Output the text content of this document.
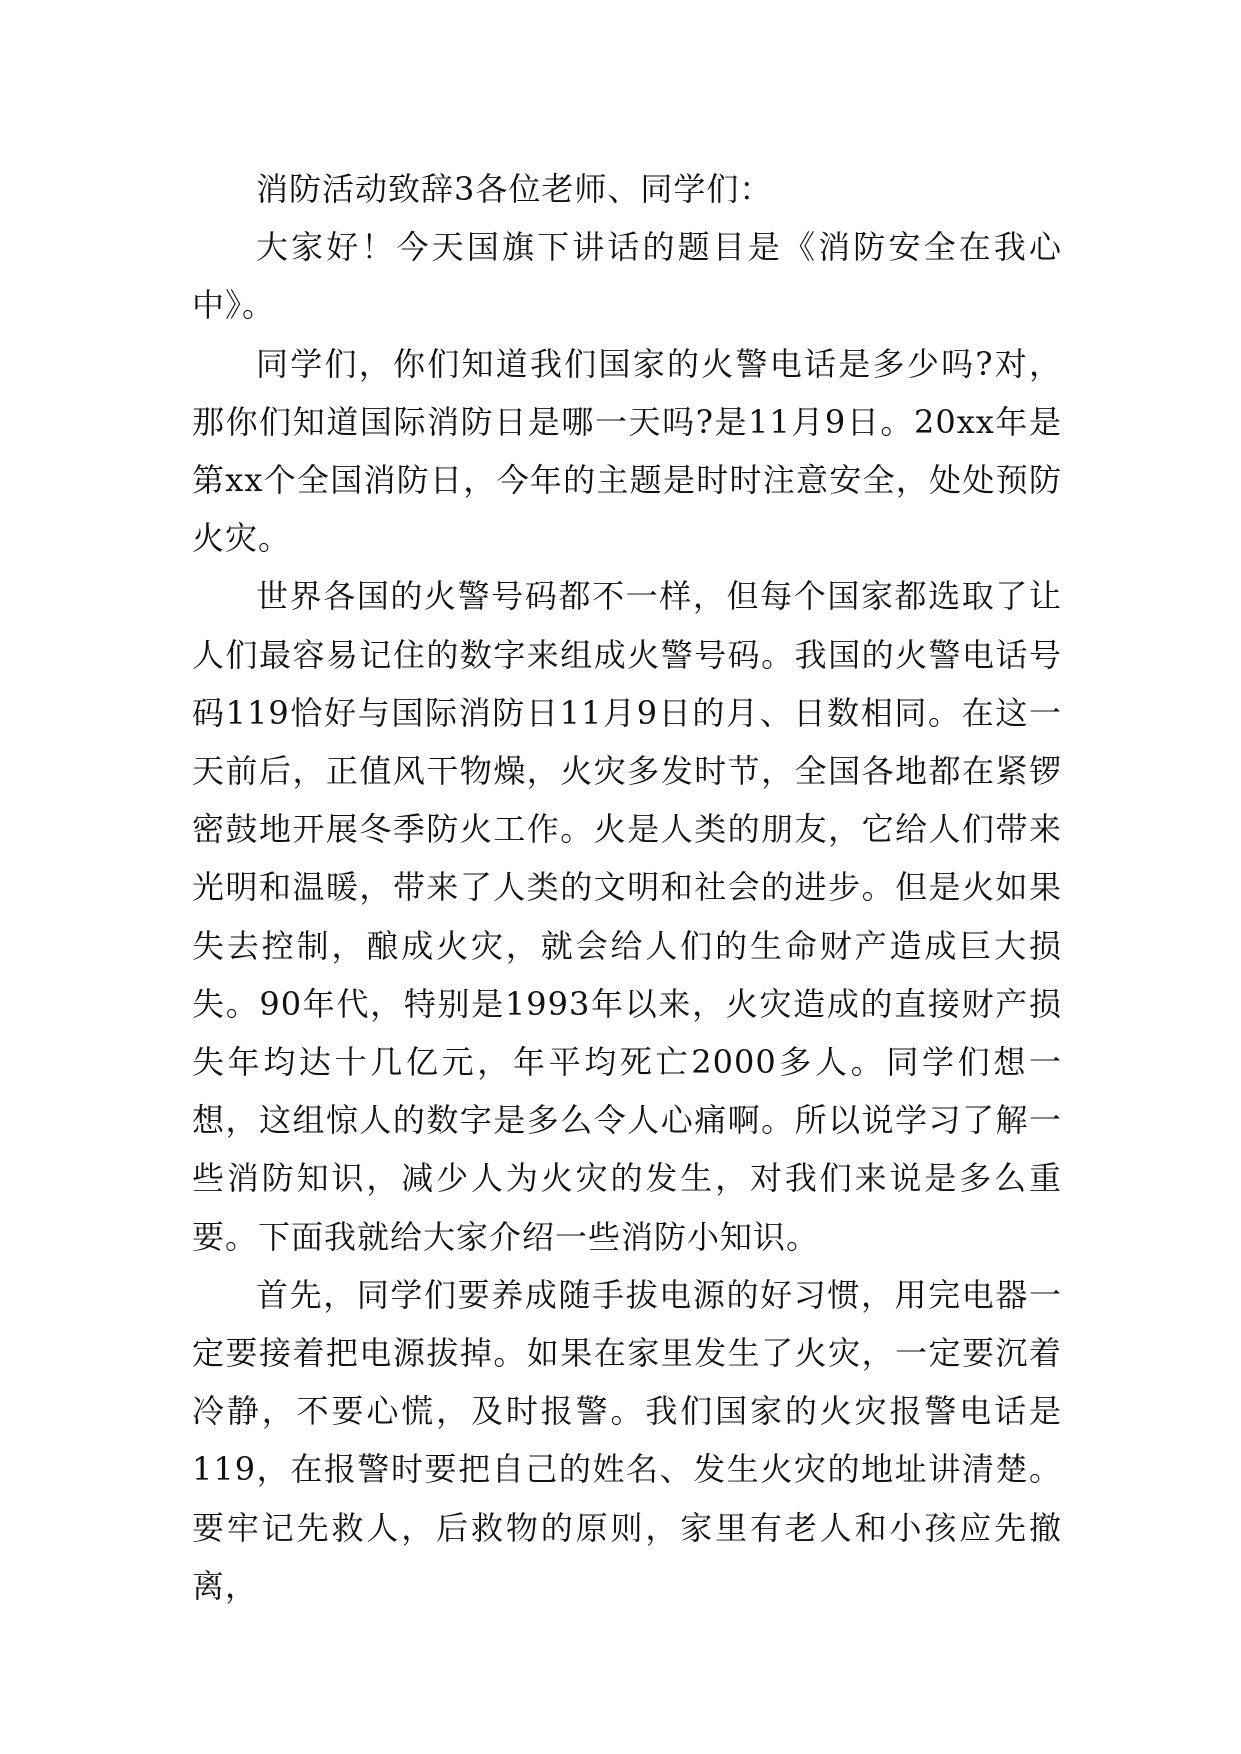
消防活动致辞3各位老师、同学们：

大家好！今天国旗下讲话的题目是《消防安全在我心中》。

同学们，你们知道我们国家的火警电话是多少吗?对，那你们知道国际消防日是哪一天吗?是11月9日。20xx年是第xx个全国消防日，今年的主题是时时注意安全，处处预防火灾。

世界各国的火警号码都不一样，但每个国家都选取了让人们最容易记住的数字来组成火警号码。我国的火警电话号码119恰好与国际消防日11月9日的月、日数相同。在这一天前后，正值风干物燥，火灾多发时节，全国各地都在紧锣密鼓地开展冬季防火工作。火是人类的朋友，它给人们带来光明和温暖，带来了人类的文明和社会的进步。但是火如果失去控制，酿成火灾，就会给人们的生命财产造成巨大损失。90年代，特别是1993年以来，火灾造成的直接财产损失年均达十几亿元，年平均死亡2000多人。同学们想一想，这组惊人的数字是多么令人心痛啊。所以说学习了解一些消防知识，减少人为火灾的发生，对我们来说是多么重要。下面我就给大家介绍一些消防小知识。

首先，同学们要养成随手拔电源的好习惯，用完电器一定要接着把电源拔掉。如果在家里发生了火灾，一定要沉着冷静，不要心慌，及时报警。我们国家的火灾报警电话是119，在报警时要把自己的姓名、发生火灾的地址讲清楚。要牢记先救人，后救物的原则，家里有老人和小孩应先撤离，
